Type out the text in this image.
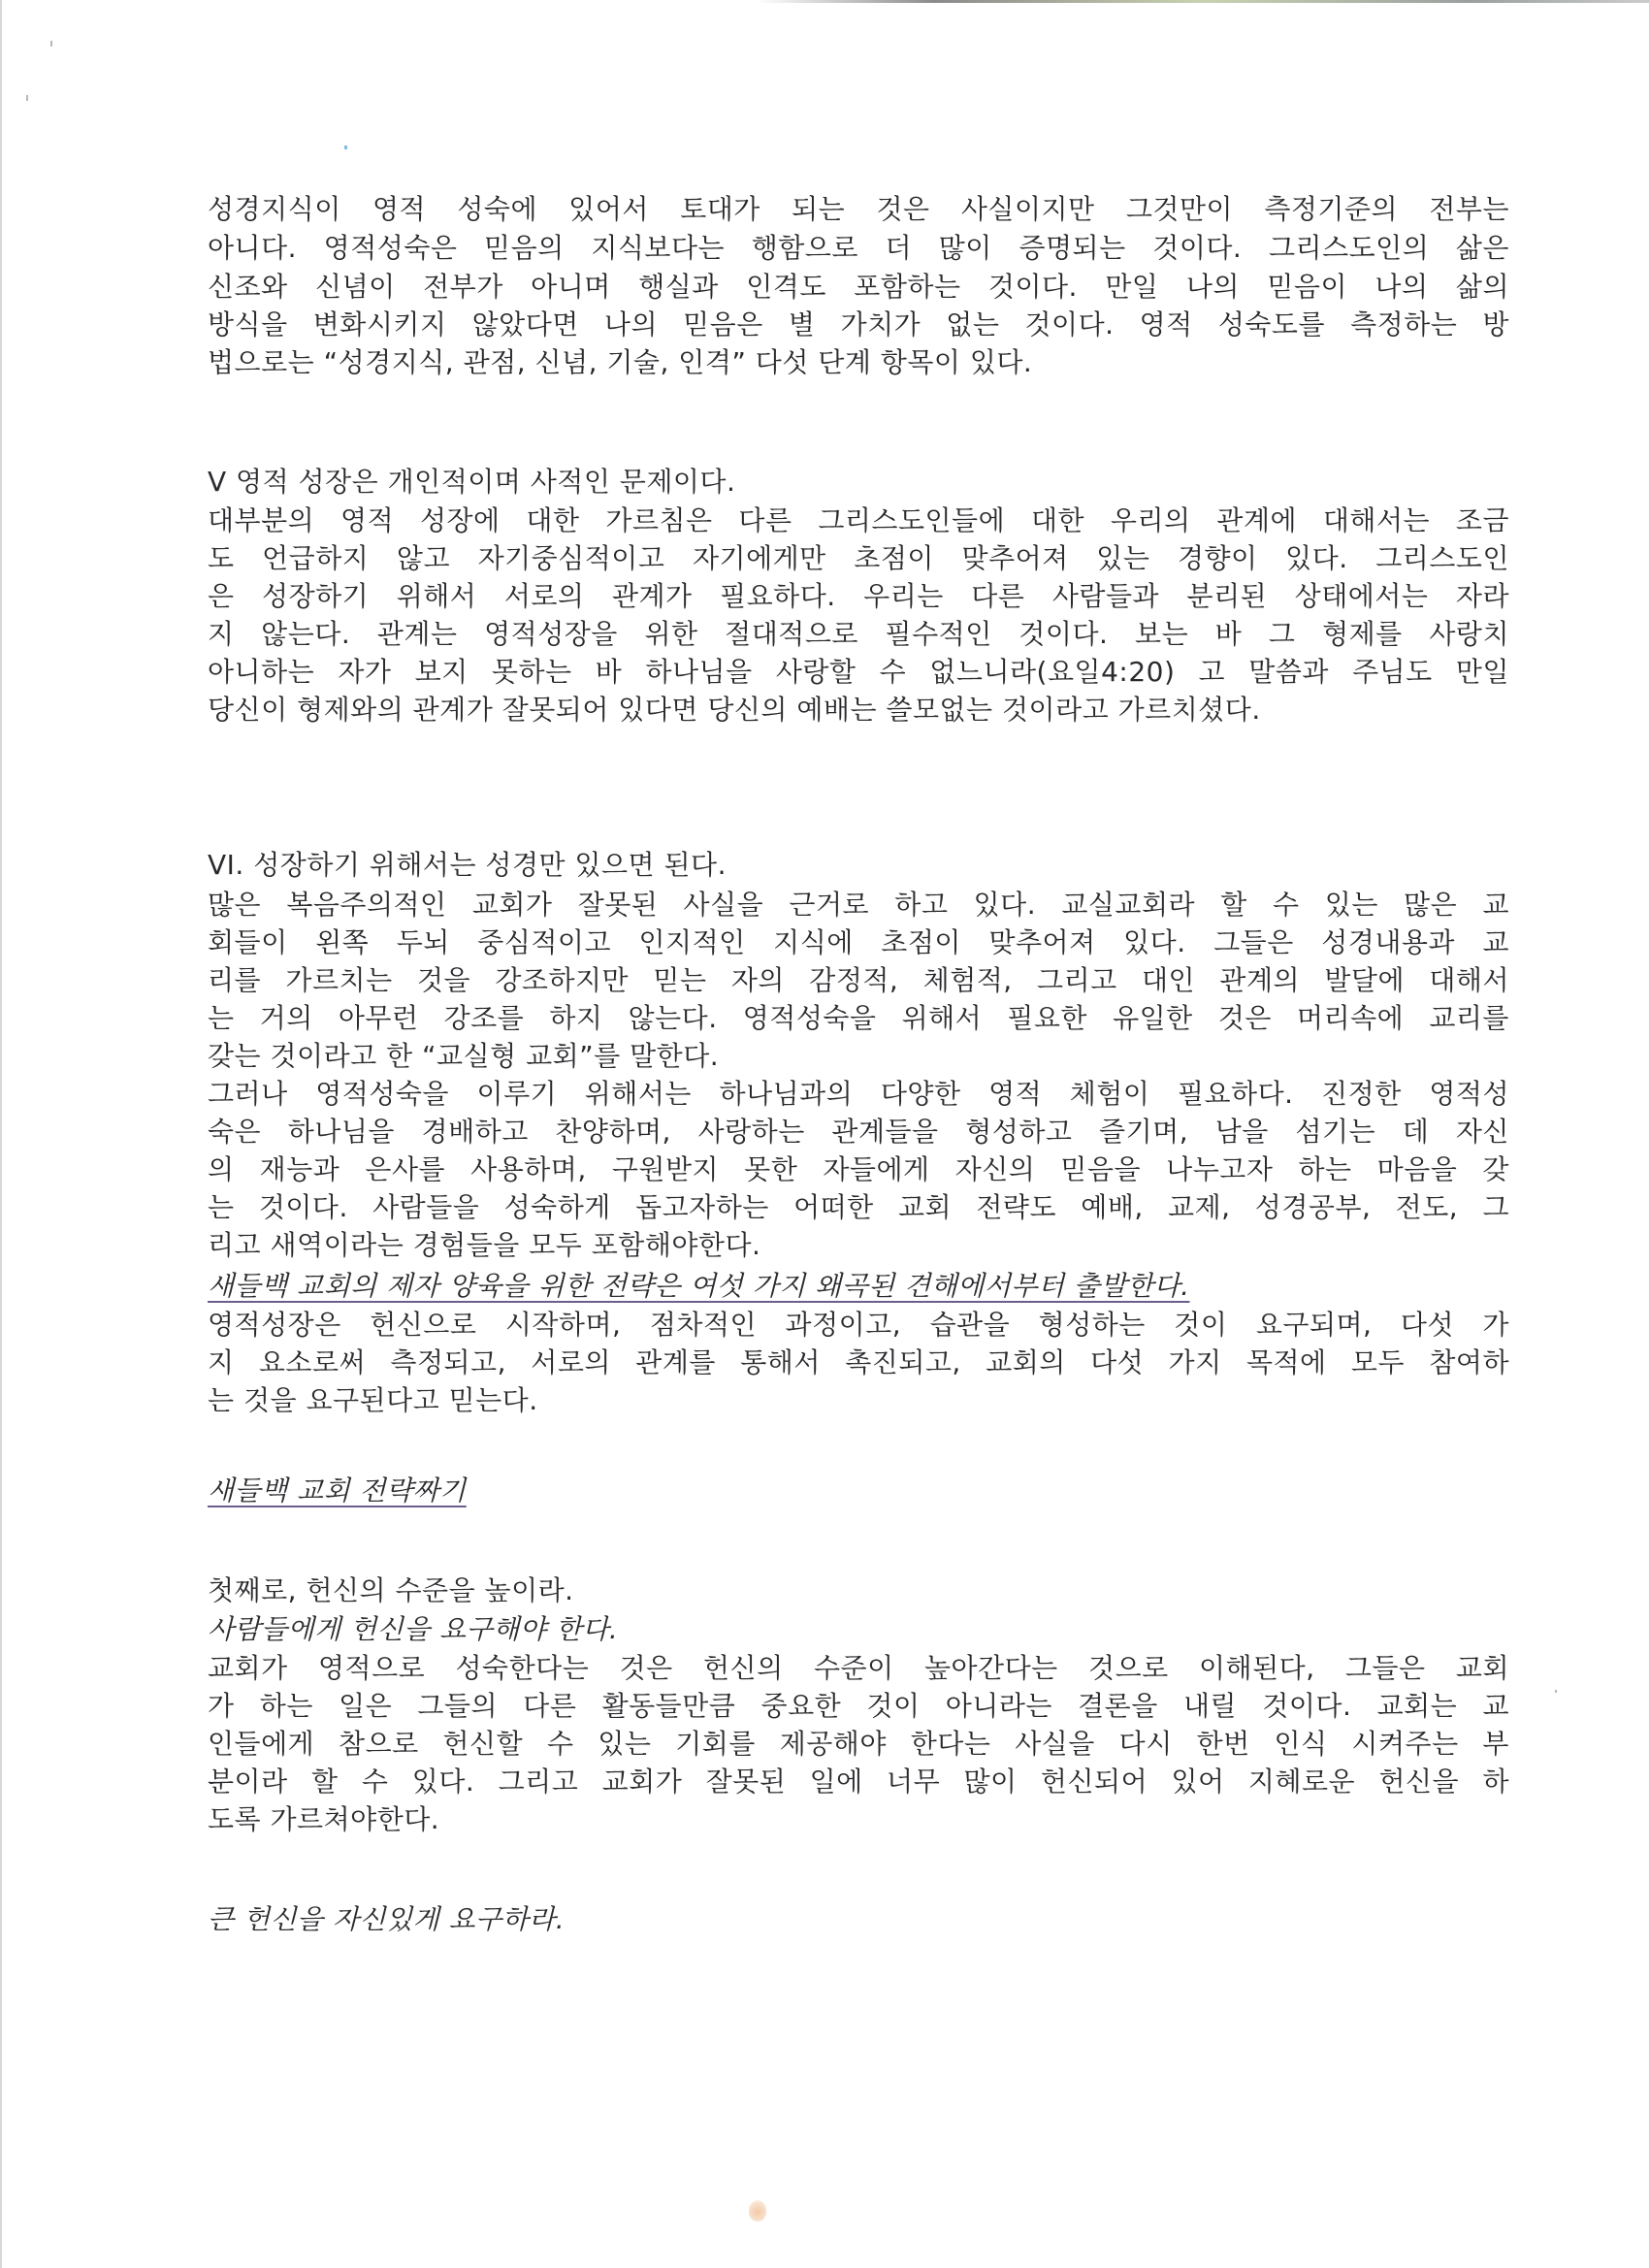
성경지식이 영적 성숙에 있어서 토대가 되는 것은 사실이지만 그것만이 측정기준의 전부는
아니다. 영적성숙은 믿음의 지식보다는 행함으로 더 많이 증명되는 것이다. 그리스도인의 삶은
신조와 신념이 전부가 아니며 행실과 인격도 포함하는 것이다. 만일 나의 믿음이 나의 삶의
방식을 변화시키지 않았다면 나의 믿음은 별 가치가 없는 것이다. 영적 성숙도를 측정하는 방
법으로는 “성경지식, 관점, 신념, 기술, 인격” 다섯 단계 항목이 있다.
V 영적 성장은 개인적이며 사적인 문제이다.
대부분의 영적 성장에 대한 가르침은 다른 그리스도인들에 대한 우리의 관계에 대해서는 조금
도 언급하지 않고 자기중심적이고 자기에게만 초점이 맞추어져 있는 경향이 있다. 그리스도인
은 성장하기 위해서 서로의 관계가 필요하다. 우리는 다른 사람들과 분리된 상태에서는 자라
지 않는다. 관계는 영적성장을 위한 절대적으로 필수적인 것이다. 보는 바 그 형제를 사랑치
아니하는 자가 보지 못하는 바 하나님을 사랑할 수 없느니라(요일4:20) 고 말씀과 주님도 만일
당신이 형제와의 관계가 잘못되어 있다면 당신의 예배는 쓸모없는 것이라고 가르치셨다.
VI. 성장하기 위해서는 성경만 있으면 된다.
많은 복음주의적인 교회가 잘못된 사실을 근거로 하고 있다. 교실교회라 할 수 있는 많은 교
회들이 왼쪽 두뇌 중심적이고 인지적인 지식에 초점이 맞추어져 있다. 그들은 성경내용과 교
리를 가르치는 것을 강조하지만 믿는 자의 감정적, 체험적, 그리고 대인 관계의 발달에 대해서
는 거의 아무런 강조를 하지 않는다. 영적성숙을 위해서 필요한 유일한 것은 머리속에 교리를
갖는 것이라고 한 “교실형 교회”를 말한다.
그러나 영적성숙을 이루기 위해서는 하나님과의 다양한 영적 체험이 필요하다. 진정한 영적성
숙은 하나님을 경배하고 찬양하며, 사랑하는 관계들을 형성하고 즐기며, 남을 섬기는 데 자신
의 재능과 은사를 사용하며, 구원받지 못한 자들에게 자신의 믿음을 나누고자 하는 마음을 갖
는 것이다. 사람들을 성숙하게 돕고자하는 어떠한 교회 전략도 예배, 교제, 성경공부, 전도, 그
리고 새역이라는 경험들을 모두 포함해야한다.
새들백 교회의 제자 양육을 위한 전략은 여섯 가지 왜곡된 견해에서부터 출발한다.
영적성장은 헌신으로 시작하며, 점차적인 과정이고, 습관을 형성하는 것이 요구되며, 다섯 가
지 요소로써 측정되고, 서로의 관계를 통해서 촉진되고, 교회의 다섯 가지 목적에 모두 참여하
는 것을 요구된다고 믿는다.
새들백 교회 전략짜기
첫째로, 헌신의 수준을 높이라.
사람들에게 헌신을 요구해야 한다.
교회가 영적으로 성숙한다는 것은 헌신의 수준이 높아간다는 것으로 이해된다, 그들은 교회
가 하는 일은 그들의 다른 활동들만큼 중요한 것이 아니라는 결론을 내릴 것이다. 교회는 교
인들에게 참으로 헌신할 수 있는 기회를 제공해야 한다는 사실을 다시 한번 인식 시켜주는 부
분이라 할 수 있다. 그리고 교회가 잘못된 일에 너무 많이 헌신되어 있어 지혜로운 헌신을 하
도록 가르쳐야한다.
큰 헌신을 자신있게 요구하라.
